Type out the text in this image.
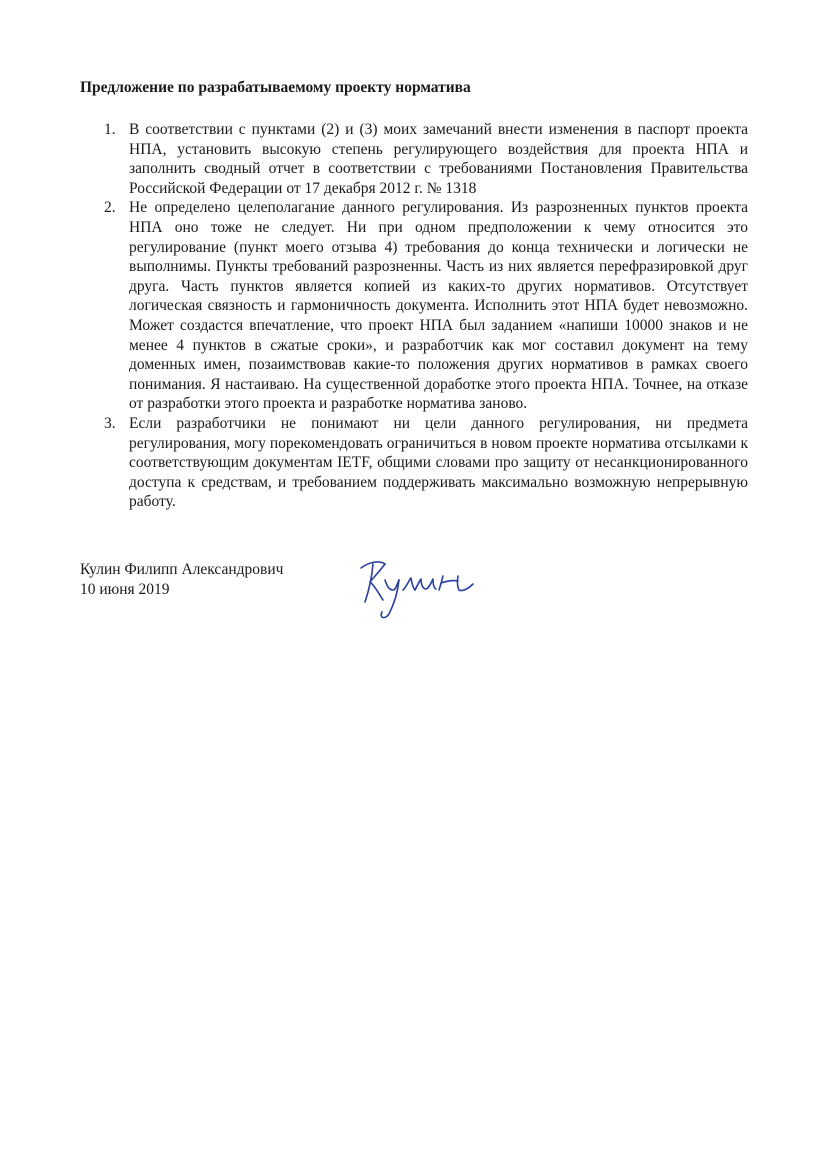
Предложение по разрабатываемому проекту норматива

1. В соответствии с пунктами (2) и (3) моих замечаний внести изменения в паспорт проекта НПА, установить высокую степень регулирующего воздействия для проекта НПА и заполнить сводный отчет в соответствии с требованиями Постановления Правительства Российской Федерации от 17 декабря 2012 г. № 1318
2. Не определено целеполагание данного регулирования. Из разрозненных пунктов проекта НПА оно тоже не следует. Ни при одном предположении к чему относится это регулирование (пункт моего отзыва 4) требования до конца технически и логически не выполнимы. Пункты требований разрозненны. Часть из них является перефразировкой друг друга. Часть пунктов является копией из каких-то других нормативов. Отсутствует логическая связность и гармоничность документа. Исполнить этот НПА будет невозможно. Может создастся впечатление, что проект НПА был заданием «напиши 10000 знаков и не менее 4 пунктов в сжатые сроки», и разработчик как мог составил документ на тему доменных имен, позаимствовав какие-то положения других нормативов в рамках своего понимания. Я настаиваю. На существенной доработке этого проекта НПА. Точнее, на отказе от разработки этого проекта и разработке норматива заново.
3. Если разработчики не понимают ни цели данного регулирования, ни предмета регулирования, могу порекомендовать ограничиться в новом проекте норматива отсылками к соответствующим документам IETF, общими словами про защиту от несанкционированного доступа к средствам, и требованием поддерживать максимально возможную непрерывную работу.
Кулин Филипп Александрович
10 июня 2019
